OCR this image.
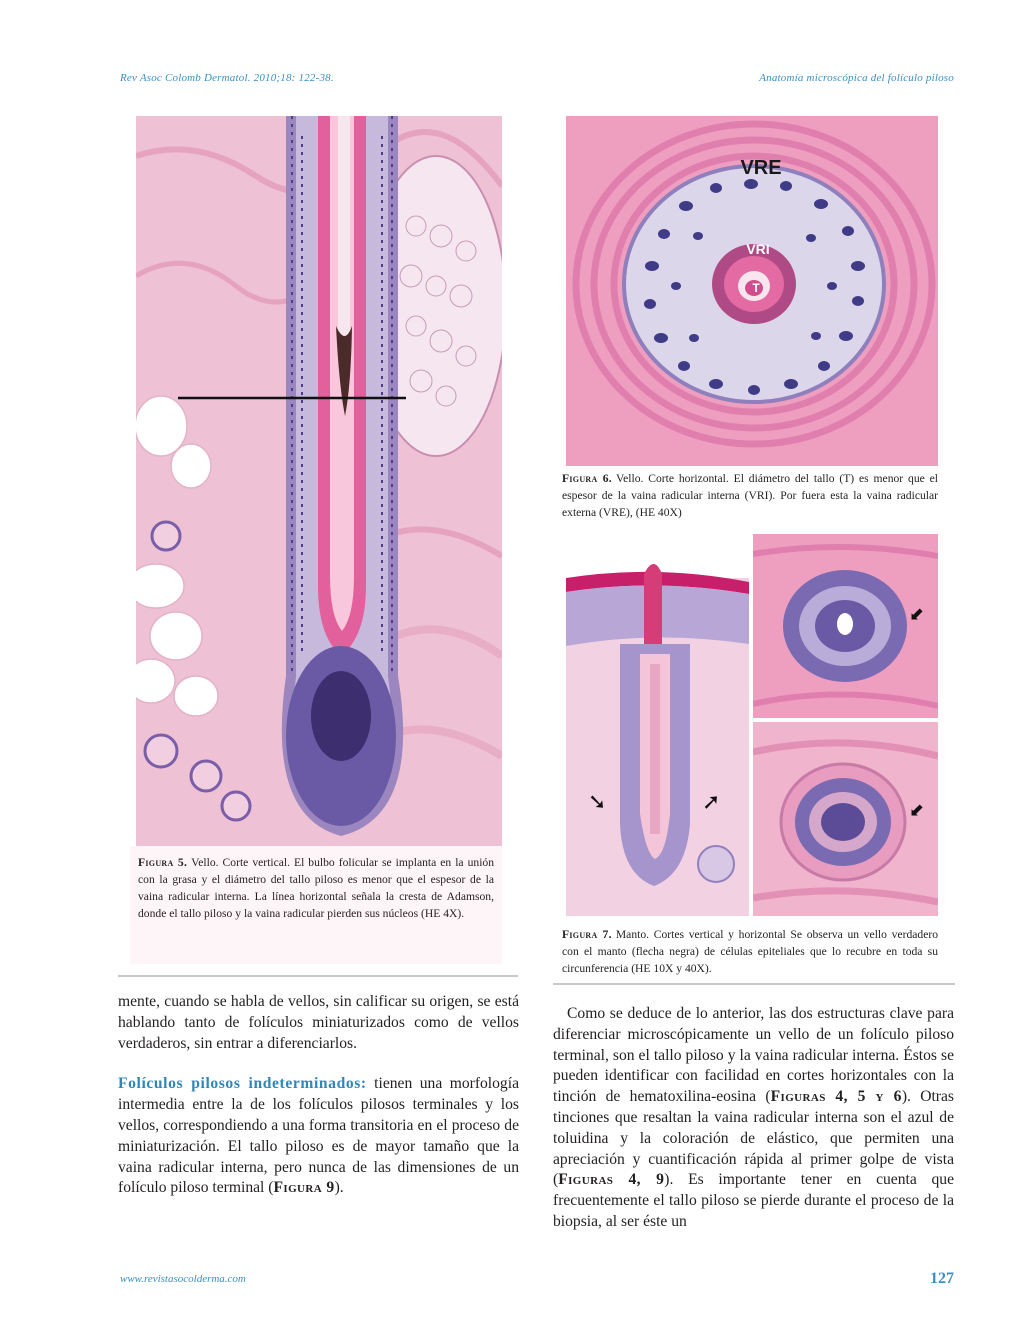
Rev Asoc Colomb Dermatol. 2010;18: 122-38.	Anatomía microscópica del folículo piloso
Figura 5. Vello. Corte vertical. El bulbo folicular se implanta en la unión con la grasa y el diámetro del tallo piloso es menor que el espesor de la vaina radicular interna. La línea horizontal señala la cresta de Adamson, donde el tallo piloso y la vaina radicular pierden sus núcleos (HE 4X).
VRE
VRI
T
Figura 6. Vello. Corte horizontal. El diámetro del tallo (T) es menor que el espesor de la vaina radicular interna (VRI). Por fuera esta la vaina radicular externa (VRE), (HE 40X)
➘	➚
⬋
⬋
Figura 7. Manto. Cortes vertical y horizontal Se observa un vello verdadero con el manto (flecha negra) de células epiteliales que lo recubre en toda su circunferencia (HE 10X y 40X).

mente, cuando se habla de vellos, sin calificar su origen, se está hablando tanto de folículos miniaturizados como de vellos verdaderos, sin entrar a diferenciarlos.

Folículos pilosos indeterminados: tienen una morfología intermedia entre la de los folículos pilosos terminales y los vellos, correspondiendo a una forma transitoria en el proceso de miniaturización. El tallo piloso es de mayor tamaño que la vaina radicular interna, pero nunca de las dimensiones de un folículo piloso terminal (Figura 9).

Como se deduce de lo anterior, las dos estructuras clave para diferenciar microscópicamente un vello de un folículo piloso terminal, son el tallo piloso y la vaina radicular interna. Éstos se pueden identificar con facilidad en cortes horizontales con la tinción de hematoxilina-eosina (Figuras 4, 5 y 6). Otras tinciones que resaltan la vaina radicular interna son el azul de toluidina y la coloración de elástico, que permiten una apreciación y cuantificación rápida al primer golpe de vista (Figuras 4, 9). Es importante tener en cuenta que frecuentemente el tallo piloso se pierde durante el proceso de la biopsia, al ser éste un

www.revistasocolderma.com	127
